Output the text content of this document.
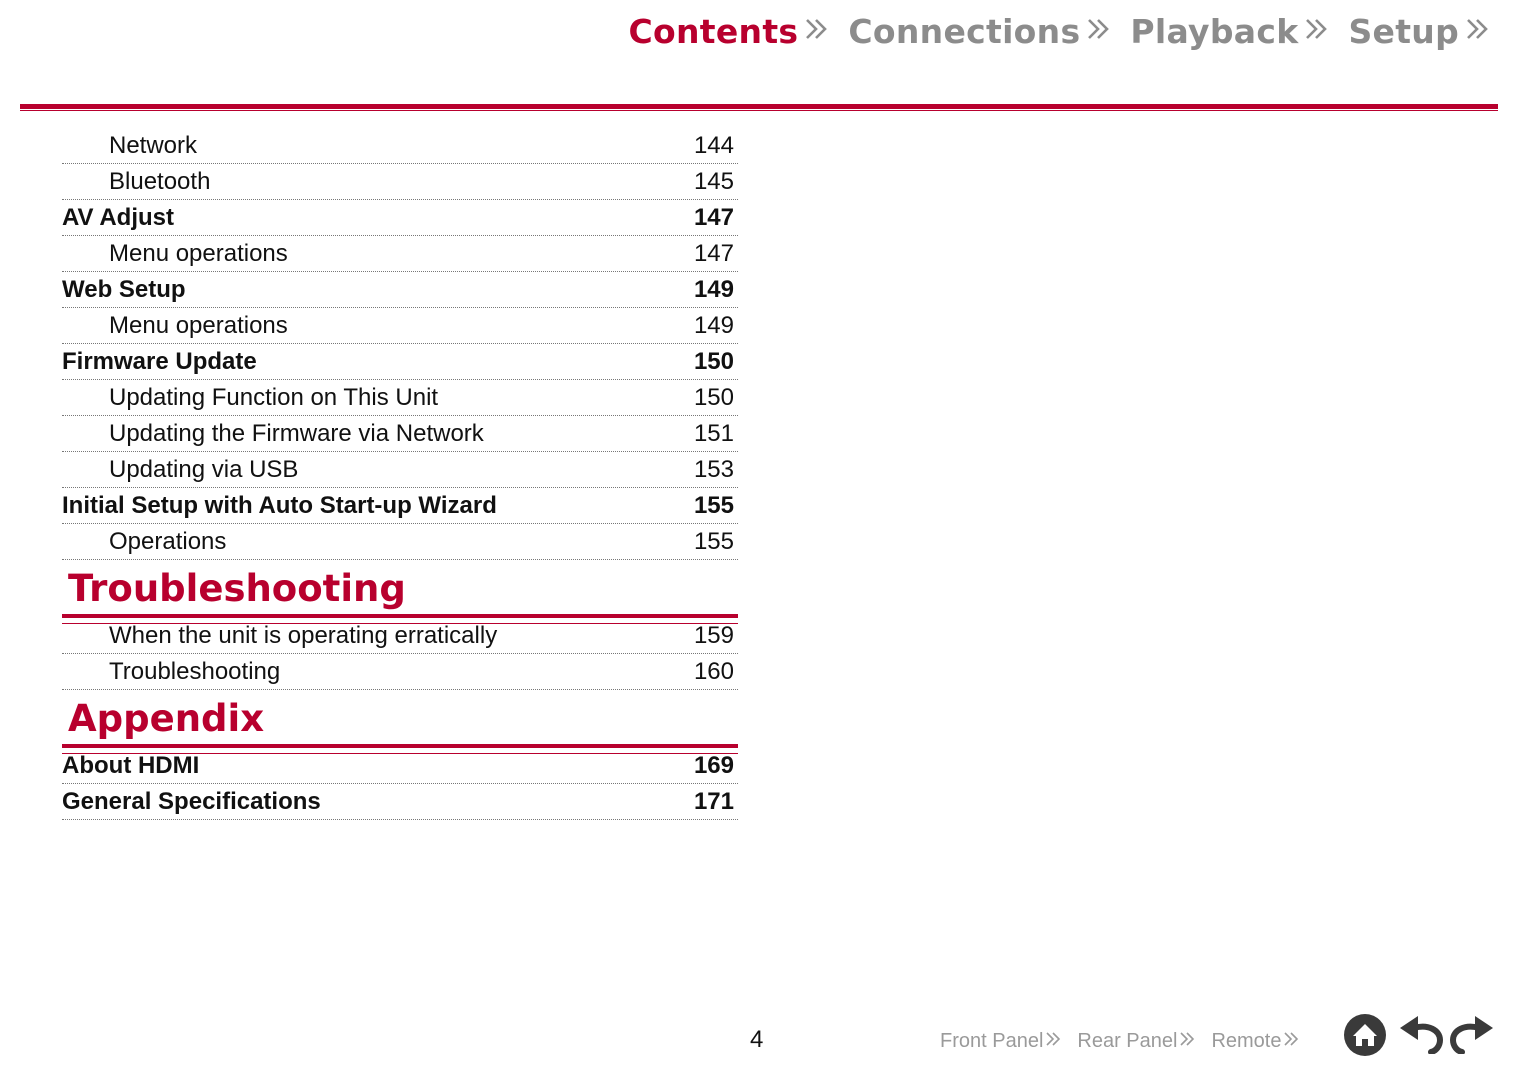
Contents Connections Playback Setup
Network	144
Bluetooth	145
AV Adjust	147
Menu operations	147
Web Setup	149
Menu operations	149
Firmware Update	150
Updating Function on This Unit	150
Updating the Firmware via Network	151
Updating via USB	153
Initial Setup with Auto Start-up Wizard	155
Operations	155
Troubleshooting
When the unit is operating erratically	159
Troubleshooting	160
Appendix
About HDMI	169
General Specifications	171
4	Front Panel Rear Panel Remote
